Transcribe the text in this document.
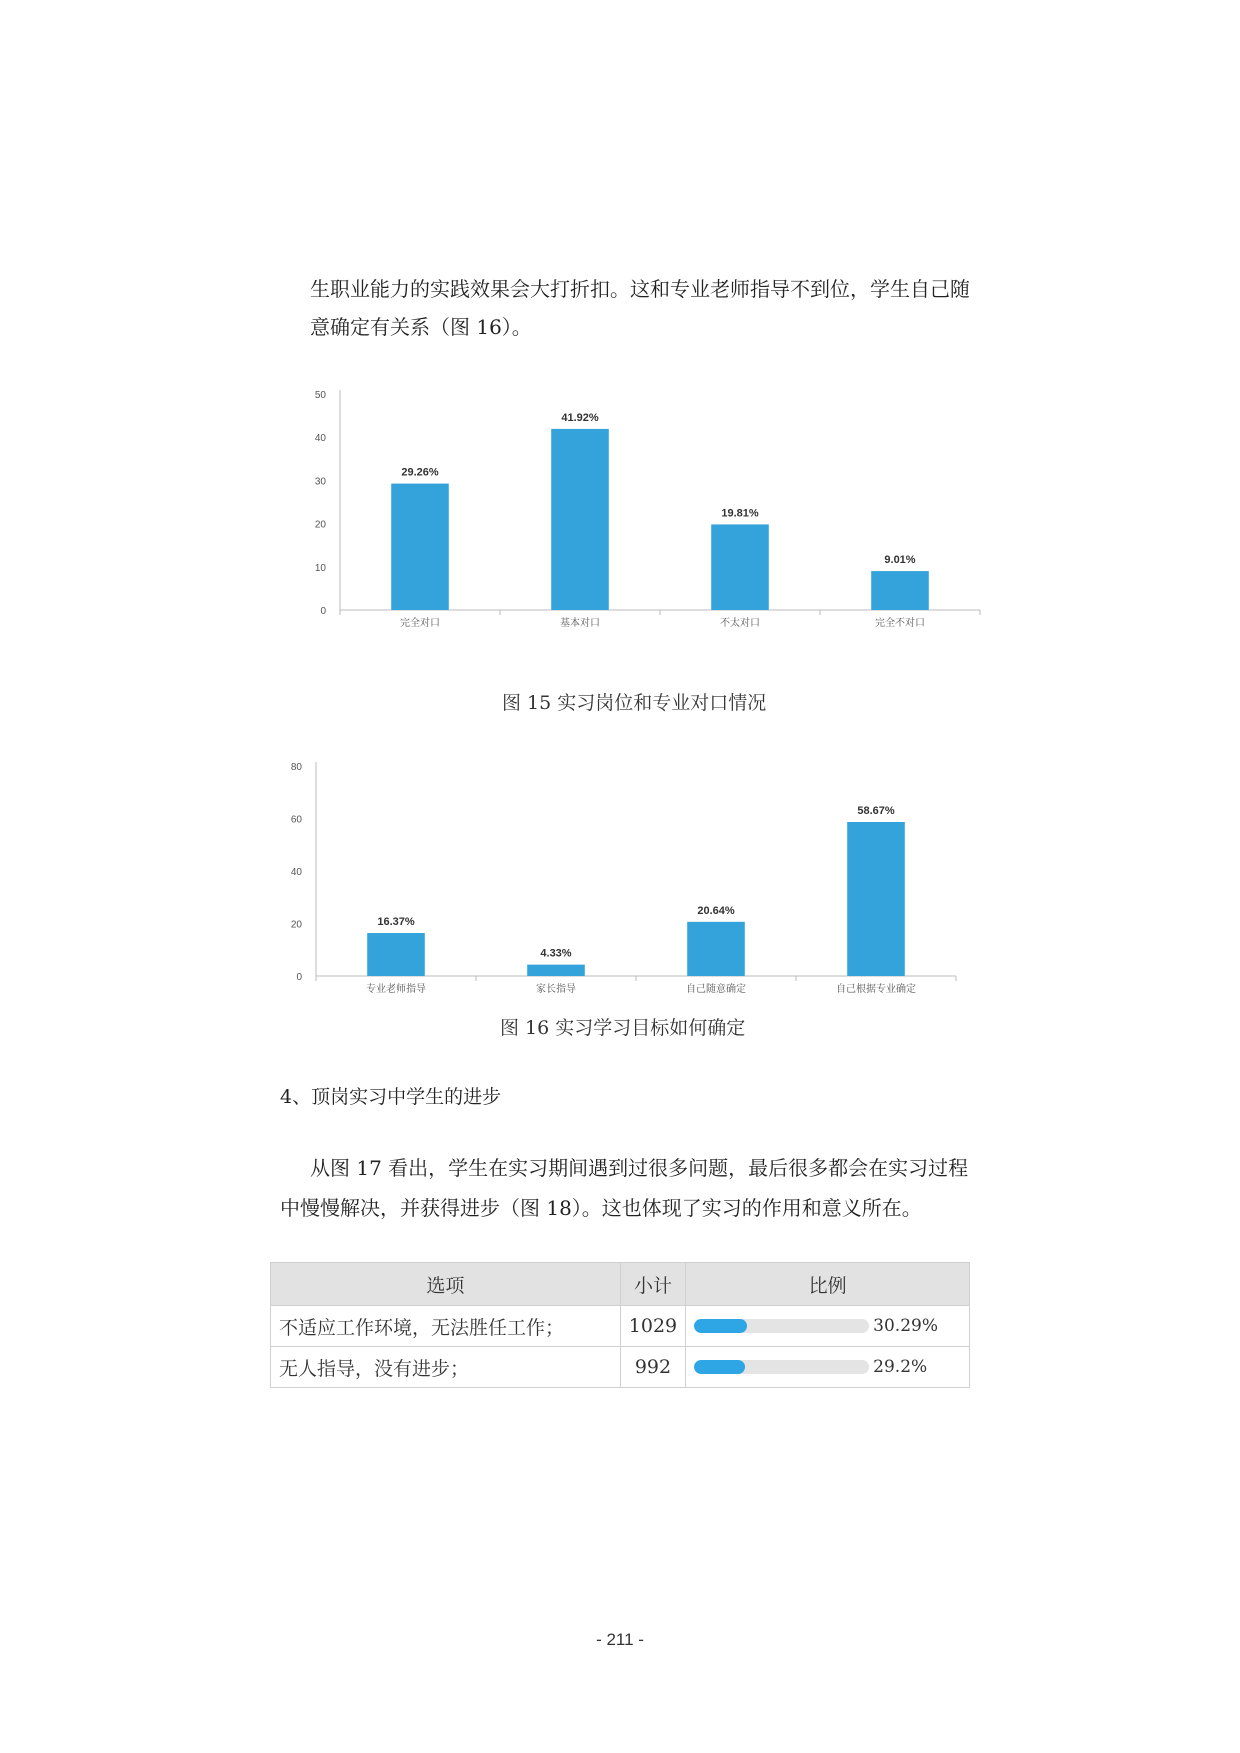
生职业能力的实践效果会大打折扣。这和专业老师指导不到位，学生自己随
意确定有关系（图 16）。

0
10
20
30
40
50
29.26%
完全对口
41.92%
基本对口
19.81%
不太对口
9.01%
完全不对口

图 15 实习岗位和专业对口情况

0
20
40
60
80
16.37%
专业老师指导
4.33%
家长指导
20.64%
自己随意确定
58.67%
自己根据专业确定

图 16 实习学习目标如何确定

4、顶岗实习中学生的进步

从图 17 看出，学生在实习期间遇到过很多问题，最后很多都会在实习过程
中慢慢解决，并获得进步（图 18）。这也体现了实习的作用和意义所在。

选项	小计	比例
不适应工作环境，无法胜任工作；	1029	30.29%

无人指导，没有进步；	992	29.2%
- 211 -
